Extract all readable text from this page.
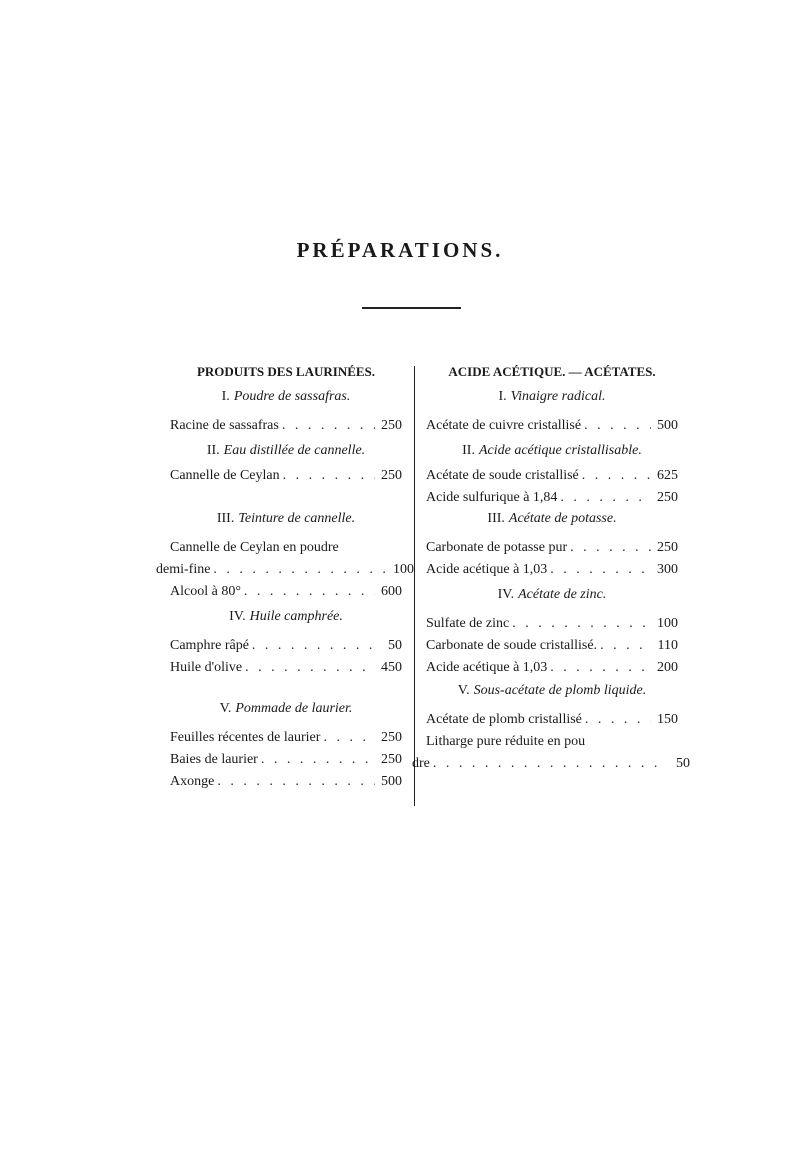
PRÉPARATIONS.
PRODUITS DES LAURINÉES.
I. Poudre de sassafras.
Racine de sassafras . . .	250
II. Eau distillée de cannelle.
Cannelle de Ceylan . . .	250
III. Teinture de cannelle.
Cannelle de Ceylan en poudre
demi-fine . . .	100
Alcool à 80° . . .	600
IV. Huile camphrée.
Camphre râpé . . .	50
Huile d'olive . . .	450
V. Pommade de laurier.
Feuilles récentes de laurier . . .	250
Baies de laurier . . .	250
Axonge . . .	500
ACIDE ACÉTIQUE. — ACÉTATES.
I. Vinaigre radical.
Acétate de cuivre cristallisé . . .	500
II. Acide acétique cristallisable.
Acétate de soude cristallisé . . .	625
Acide sulfurique à 1,84 . . .	250
III. Acétate de potasse.
Carbonate de potasse pur . . .	250
Acide acétique à 1,03 . . .	300
IV. Acétate de zinc.
Sulfate de zinc . . .	100
Carbonate de soude cristallisé. . . .	110
Acide acétique à 1,03 . . .	200
V. Sous-acétate de plomb liquide.
Acétate de plomb cristallisé . . .	150
Litharge pure réduite en pou
dre . . .	50
